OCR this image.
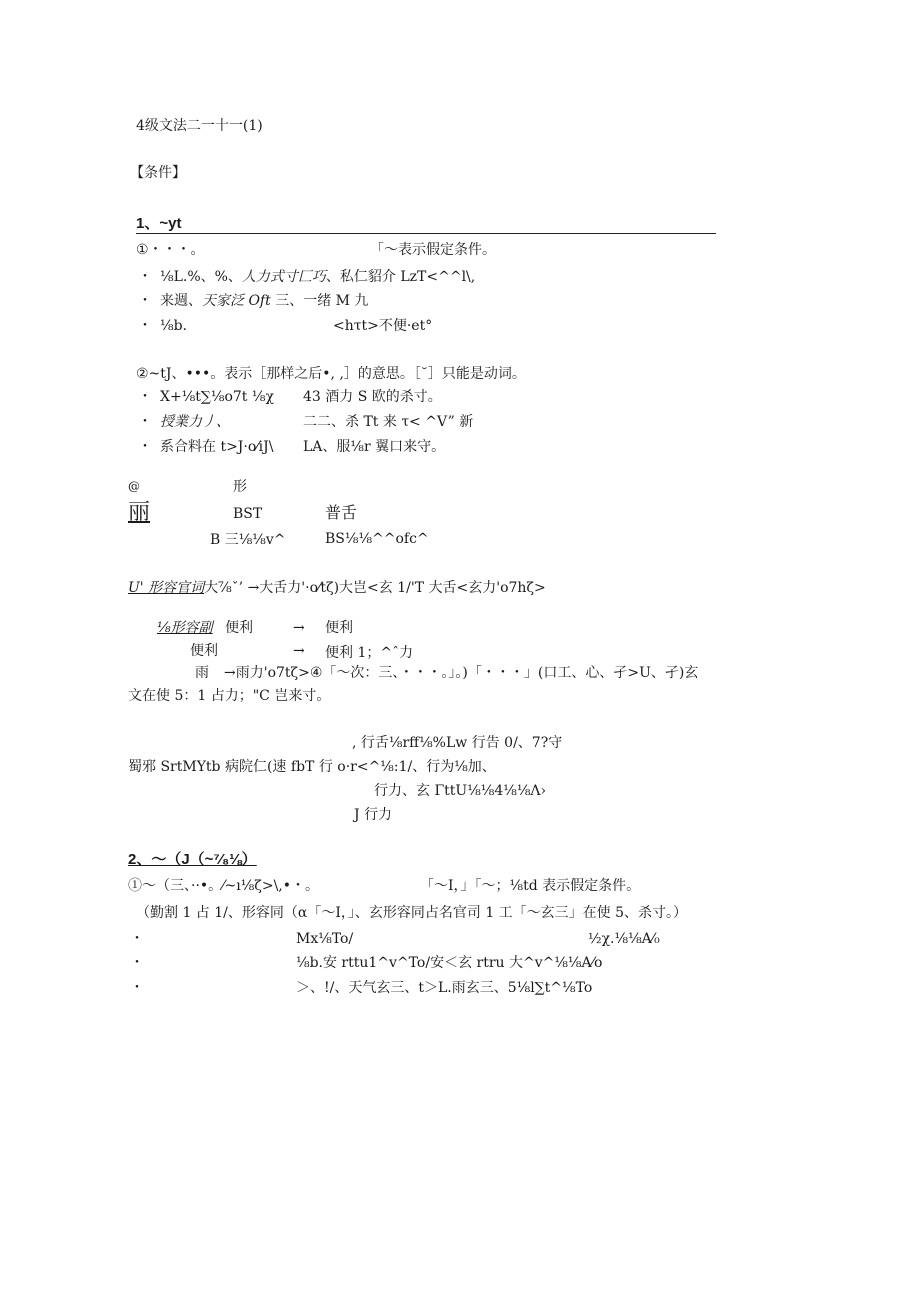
4级文法二一十一(1)
【条件】
1、~yt
①・・・。	「～表示假定条件。
・ ⅛L.%、%、人力式寸匚巧、私仁貂介 LzT<^^l\,
・ 来週、天家泛 Oft 三、一绪 M 九
・ ⅛b.	<hτt>不便·et°
②~tJ、•••。表示［那样之后•, ,］的意思。［˘］只能是动词。
・ X+⅛t∑⅛o7t ⅛χ 43 酒力 S 欧的杀寸。
・ 授業力丿、	二二、杀 Tt 来 τ< ^V” 新
・ 系合料在 t>J·o⁄iJ\ LA、服⅛r 翼口来守。
@	形
丽	BST	普舌
B 三⅛⅛v^	BS⅛⅛^^ofc^
U' 形容官词大⅞ˇ’ →大舌力'·o⁄tζ)大岂<玄 1/'T 大舌<玄力'o7hζ>
⅛形容副 便利	→ 便利
便利	→ 便利 1；^ˆ力
雨 →雨力'o7tζ>④「～次：三、・・・。」。)「・・・」(口工、心、孑>U、孑)玄
文在使 5：1 占力；"C 岂来寸。
, 行舌⅛rff⅛%Lw 行告 0/、7?守
蜀邪 SrtMYtb 病院仁(速 fbT 行 o·r<^⅛:1/、行为⅛加、
行力、玄 ΓttU⅛⅛4⅛⅛Λ›
J 行力
2、～（J（~⁷⁄₈⅛）
①～（三、··•。⁄~ı⅛ζ>\,•・。	「～I，」「～；⅛td 表示假定条件。
（勤割 1 占 1/、形容同（α「～I，」、玄形容同占名官司 1 工「～玄三」在使 5、杀寸。）
・	Mx⅛To/	½χ.⅛⅛A⁄₀
・	⅛b.安 rttu1^v^To/安＜玄 rtru 大^v^⅛⅛A⁄o
・	＞、!/、天气玄三、t＞L.雨玄三、5⅛l∑t^⅛To
